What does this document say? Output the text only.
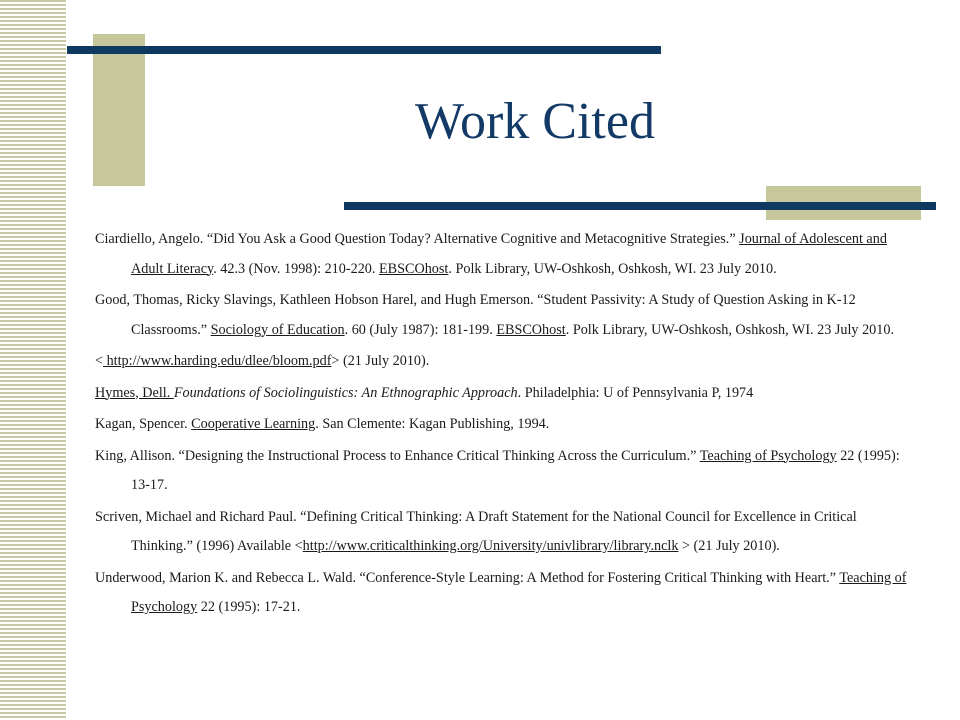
Work Cited
Ciardiello, Angelo. “Did You Ask a Good Question Today? Alternative Cognitive and Metacognitive Strategies.” Journal of Adolescent and Adult Literacy. 42.3 (Nov. 1998): 210-220. EBSCOhost. Polk Library, UW-Oshkosh, Oshkosh, WI. 23 July 2010.
Good, Thomas, Ricky Slavings, Kathleen Hobson Harel, and Hugh Emerson. “Student Passivity: A Study of Question Asking in K-12 Classrooms.” Sociology of Education. 60 (July 1987): 181-199. EBSCOhost. Polk Library, UW-Oshkosh, Oshkosh, WI. 23 July 2010.
< http://www.harding.edu/dlee/bloom.pdf> (21 July 2010).
Hymes, Dell. Foundations of Sociolinguistics: An Ethnographic Approach. Philadelphia: U of Pennsylvania P, 1974
Kagan, Spencer. Cooperative Learning. San Clemente: Kagan Publishing, 1994.
King, Allison. “Designing the Instructional Process to Enhance Critical Thinking Across the Curriculum.” Teaching of Psychology 22 (1995): 13-17.
Scriven, Michael and Richard Paul. “Defining Critical Thinking: A Draft Statement for the National Council for Excellence in Critical Thinking.” (1996) Available <http://www.criticalthinking.org/University/univlibrary/library.nclk > (21 July 2010).
Underwood, Marion K. and Rebecca L. Wald. “Conference-Style Learning: A Method for Fostering Critical Thinking with Heart.” Teaching of Psychology 22 (1995): 17-21.
